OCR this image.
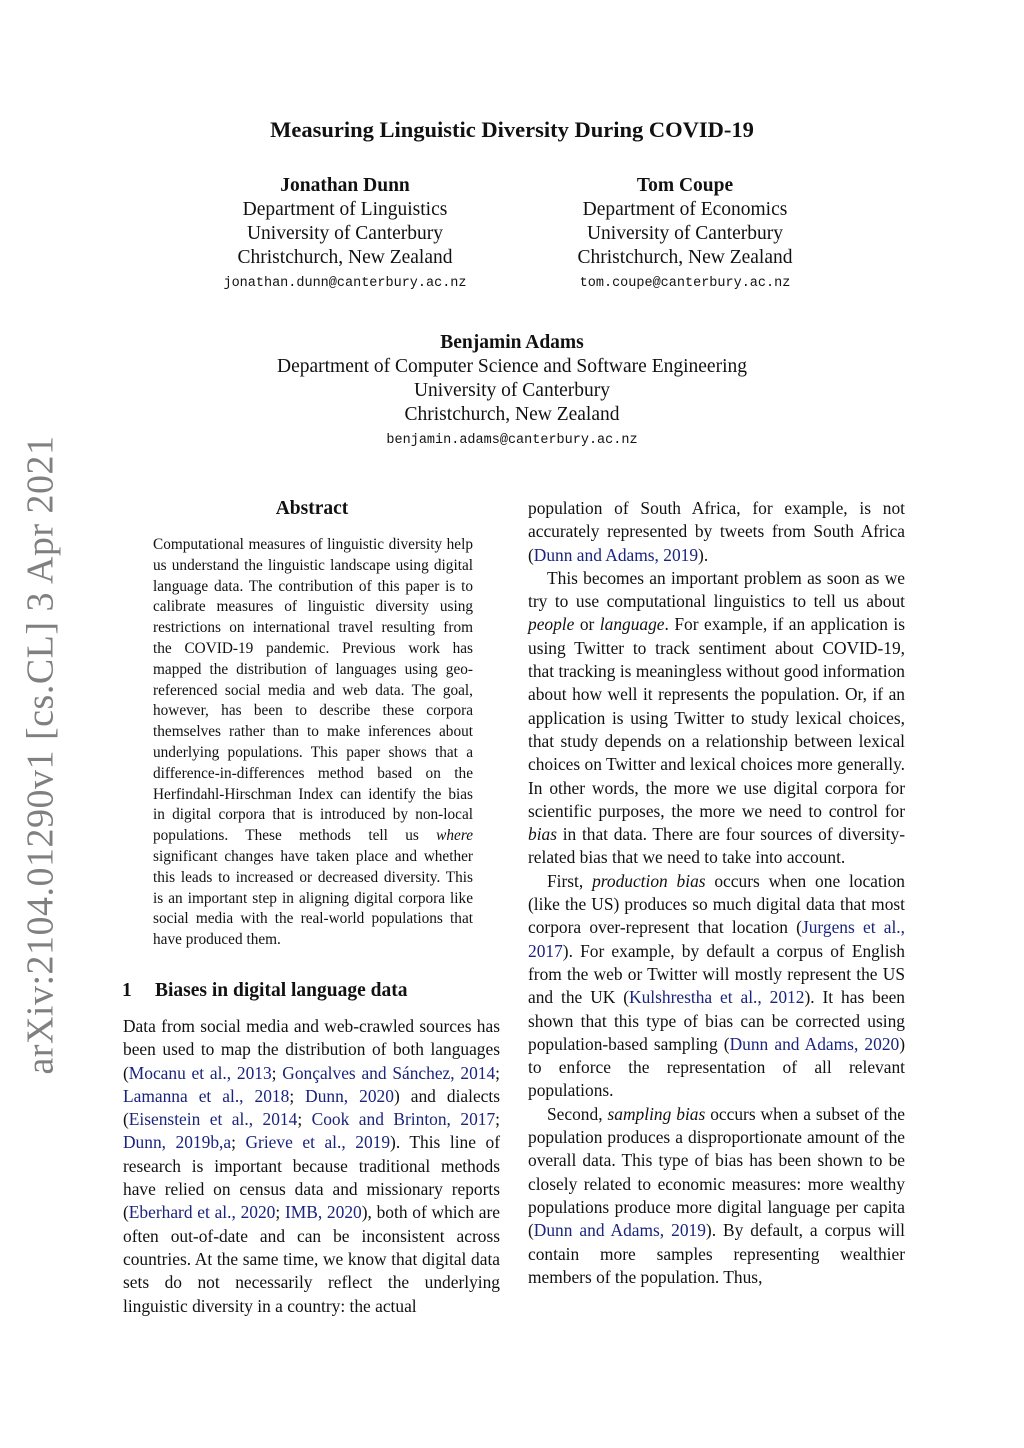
arXiv:2104.01290v1 [cs.CL] 3 Apr 2021
Measuring Linguistic Diversity During COVID-19
Jonathan Dunn
Department of Linguistics
University of Canterbury
Christchurch, New Zealand
jonathan.dunn@canterbury.ac.nz
Tom Coupe
Department of Economics
University of Canterbury
Christchurch, New Zealand
tom.coupe@canterbury.ac.nz
Benjamin Adams
Department of Computer Science and Software Engineering
University of Canterbury
Christchurch, New Zealand
benjamin.adams@canterbury.ac.nz
Abstract
Computational measures of linguistic diversity help us understand the linguistic landscape using digital language data. The contribution of this paper is to calibrate measures of linguistic diversity using restrictions on international travel resulting from the COVID-19 pandemic. Previous work has mapped the distribution of languages using geo-referenced social media and web data. The goal, however, has been to describe these corpora themselves rather than to make inferences about underlying populations. This paper shows that a difference-in-differences method based on the Herfindahl-Hirschman Index can identify the bias in digital corpora that is introduced by non-local populations. These methods tell us where significant changes have taken place and whether this leads to increased or decreased diversity. This is an important step in aligning digital corpora like social media with the real-world populations that have produced them.
1 Biases in digital language data

Data from social media and web-crawled sources has been used to map the distribution of both languages (Mocanu et al., 2013; Gonçalves and Sánchez, 2014; Lamanna et al., 2018; Dunn, 2020) and dialects (Eisenstein et al., 2014; Cook and Brinton, 2017; Dunn, 2019b,a; Grieve et al., 2019). This line of research is important because traditional methods have relied on census data and missionary reports (Eberhard et al., 2020; IMB, 2020), both of which are often out-of-date and can be inconsistent across countries. At the same time, we know that digital data sets do not necessarily reflect the underlying linguistic diversity in a country: the actual

population of South Africa, for example, is not accurately represented by tweets from South Africa (Dunn and Adams, 2019).

This becomes an important problem as soon as we try to use computational linguistics to tell us about people or language. For example, if an application is using Twitter to track sentiment about COVID-19, that tracking is meaningless without good information about how well it represents the population. Or, if an application is using Twitter to study lexical choices, that study depends on a relationship between lexical choices on Twitter and lexical choices more generally. In other words, the more we use digital corpora for scientific purposes, the more we need to control for bias in that data. There are four sources of diversity-related bias that we need to take into account.

First, production bias occurs when one location (like the US) produces so much digital data that most corpora over-represent that location (Jurgens et al., 2017). For example, by default a corpus of English from the web or Twitter will mostly represent the US and the UK (Kulshrestha et al., 2012). It has been shown that this type of bias can be corrected using population-based sampling (Dunn and Adams, 2020) to enforce the representation of all relevant populations.

Second, sampling bias occurs when a subset of the population produces a disproportionate amount of the overall data. This type of bias has been shown to be closely related to economic measures: more wealthy populations produce more digital language per capita (Dunn and Adams, 2019). By default, a corpus will contain more samples representing wealthier members of the population. Thus,
